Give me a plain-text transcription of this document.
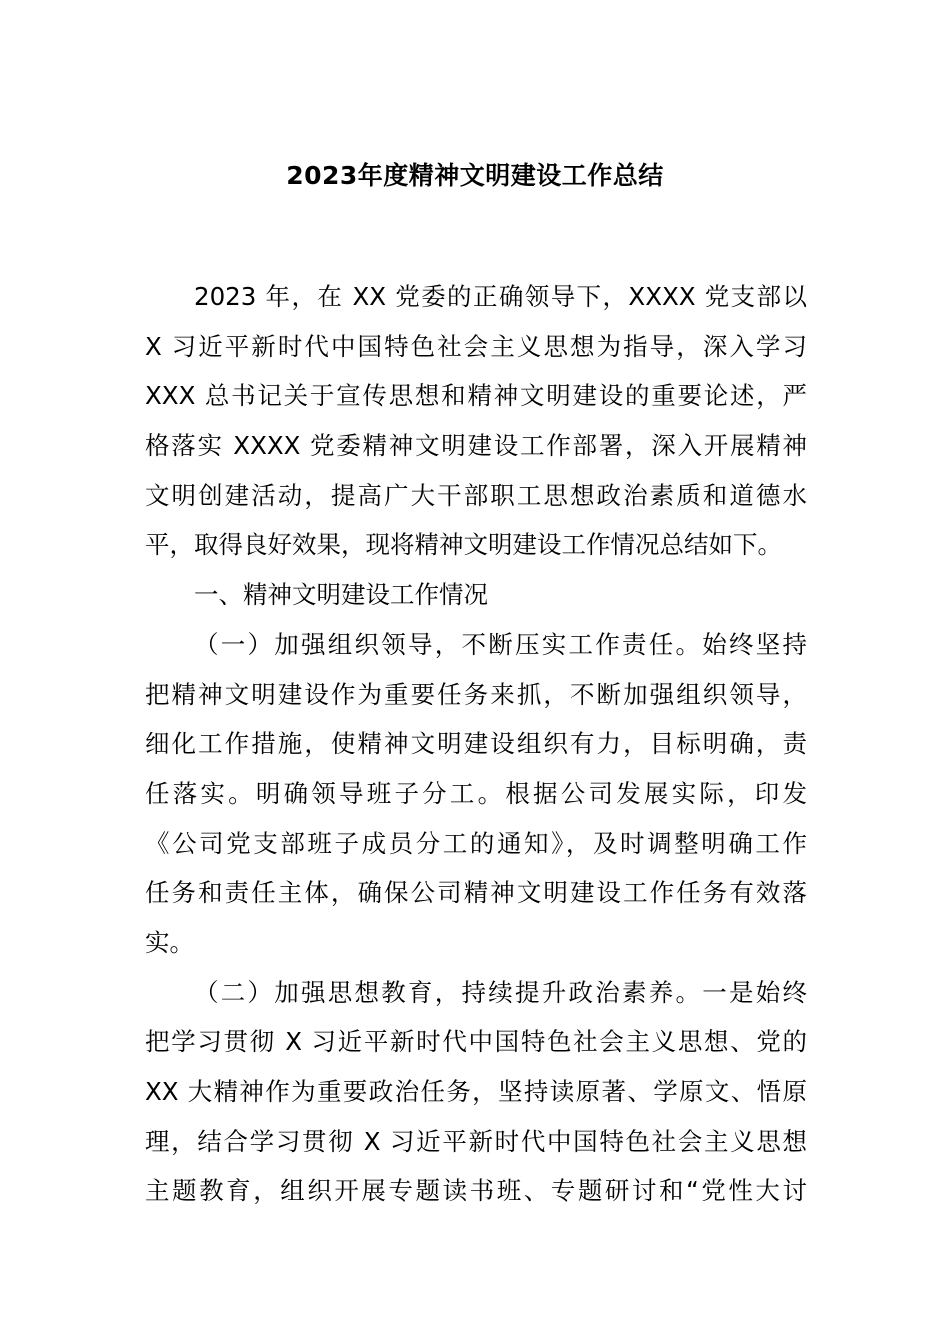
2023年度精神文明建设工作总结
2023 年，在 XX 党委的正确领导下，XXXX 党支部以
X 习近平新时代中国特色社会主义思想为指导，深入学习
XXX 总书记关于宣传思想和精神文明建设的重要论述，严
格落实 XXXX 党委精神文明建设工作部署，深入开展精神
文明创建活动，提高广大干部职工思想政治素质和道德水
平，取得良好效果，现将精神文明建设工作情况总结如下。
一、精神文明建设工作情况
（一）加强组织领导，不断压实工作责任。始终坚持
把精神文明建设作为重要任务来抓，不断加强组织领导，
细化工作措施，使精神文明建设组织有力，目标明确，责
任落实。明确领导班子分工。根据公司发展实际，印发
《公司党支部班子成员分工的通知》，及时调整明确工作
任务和责任主体，确保公司精神文明建设工作任务有效落
实。
（二）加强思想教育，持续提升政治素养。一是始终
把学习贯彻 X 习近平新时代中国特色社会主义思想、党的
XX 大精神作为重要政治任务，坚持读原著、学原文、悟原
理，结合学习贯彻 X 习近平新时代中国特色社会主义思想
主题教育，组织开展专题读书班、专题研讨和“党性大讨
